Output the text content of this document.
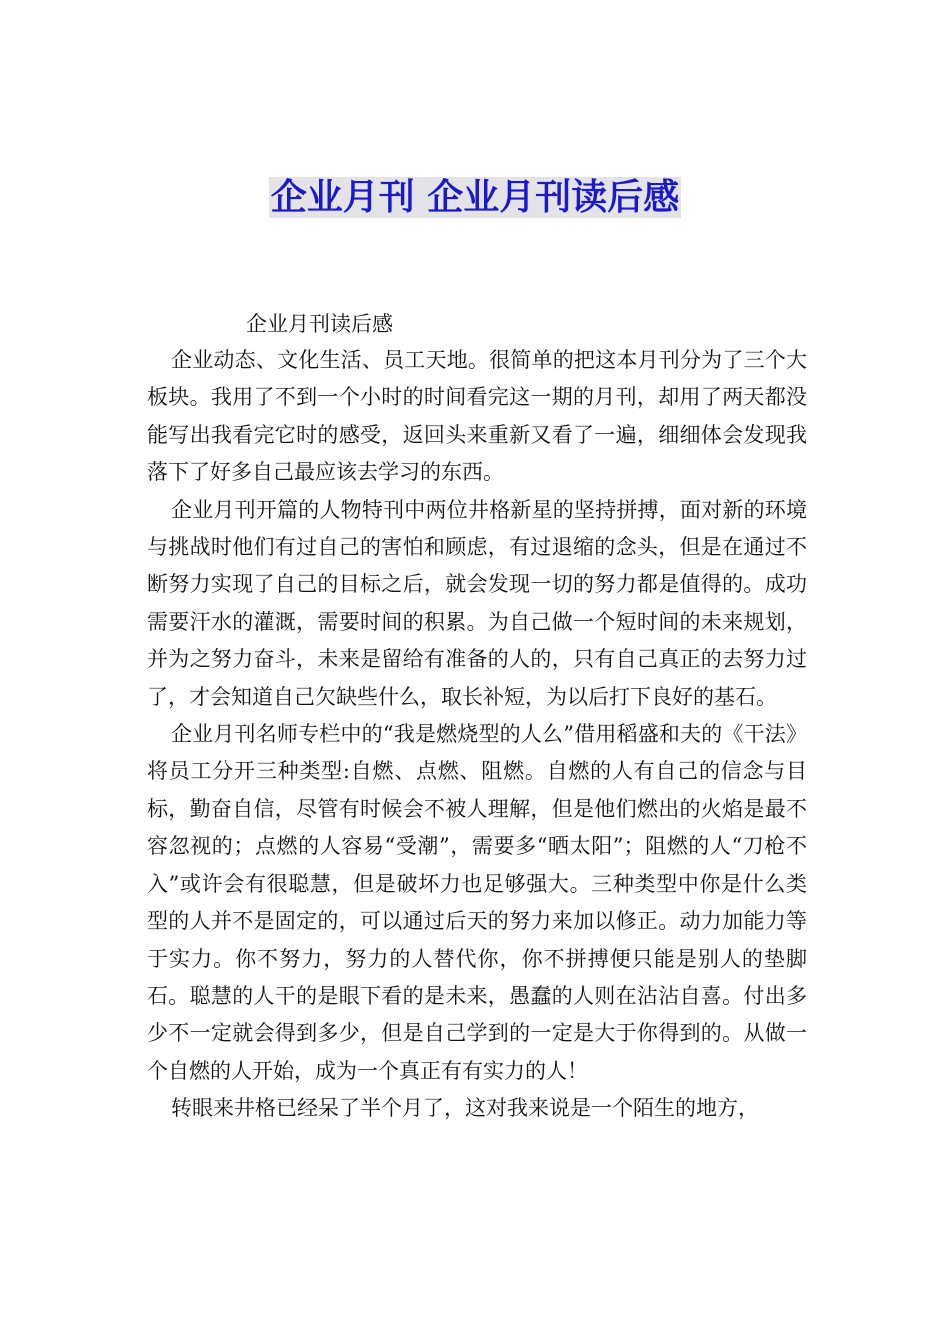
企业月刊 企业月刊读后感
企业月刊读后感

企业动态、文化生活、员工天地。很简单的把这本月刊分为了三个大板块。我用了不到一个小时的时间看完这一期的月刊，却用了两天都没能写出我看完它时的感受，返回头来重新又看了一遍，细细体会发现我落下了好多自己最应该去学习的东西。

企业月刊开篇的人物特刊中两位井格新星的坚持拼搏，面对新的环境与挑战时他们有过自己的害怕和顾虑，有过退缩的念头，但是在通过不断努力实现了自己的目标之后，就会发现一切的努力都是值得的。成功需要汗水的灌溉，需要时间的积累。为自己做一个短时间的未来规划，并为之努力奋斗，未来是留给有准备的人的，只有自己真正的去努力过了，才会知道自己欠缺些什么，取长补短，为以后打下良好的基石。

企业月刊名师专栏中的“我是燃烧型的人么”借用稻盛和夫的《干法》将员工分开三种类型:自燃、点燃、阻燃。自燃的人有自己的信念与目标，勤奋自信，尽管有时候会不被人理解，但是他们燃出的火焰是最不容忽视的；点燃的人容易“受潮”，需要多“晒太阳”；阻燃的人“刀枪不入”或许会有很聪慧，但是破坏力也足够强大。三种类型中你是什么类型的人并不是固定的，可以通过后天的努力来加以修正。动力加能力等于实力。你不努力，努力的人替代你，你不拼搏便只能是别人的垫脚石。聪慧的人干的是眼下看的是未来，愚蠢的人则在沾沾自喜。付出多少不一定就会得到多少，但是自己学到的一定是大于你得到的。从做一个自燃的人开始，成为一个真正有有实力的人！

转眼来井格已经呆了半个月了，这对我来说是一个陌生的地方，
